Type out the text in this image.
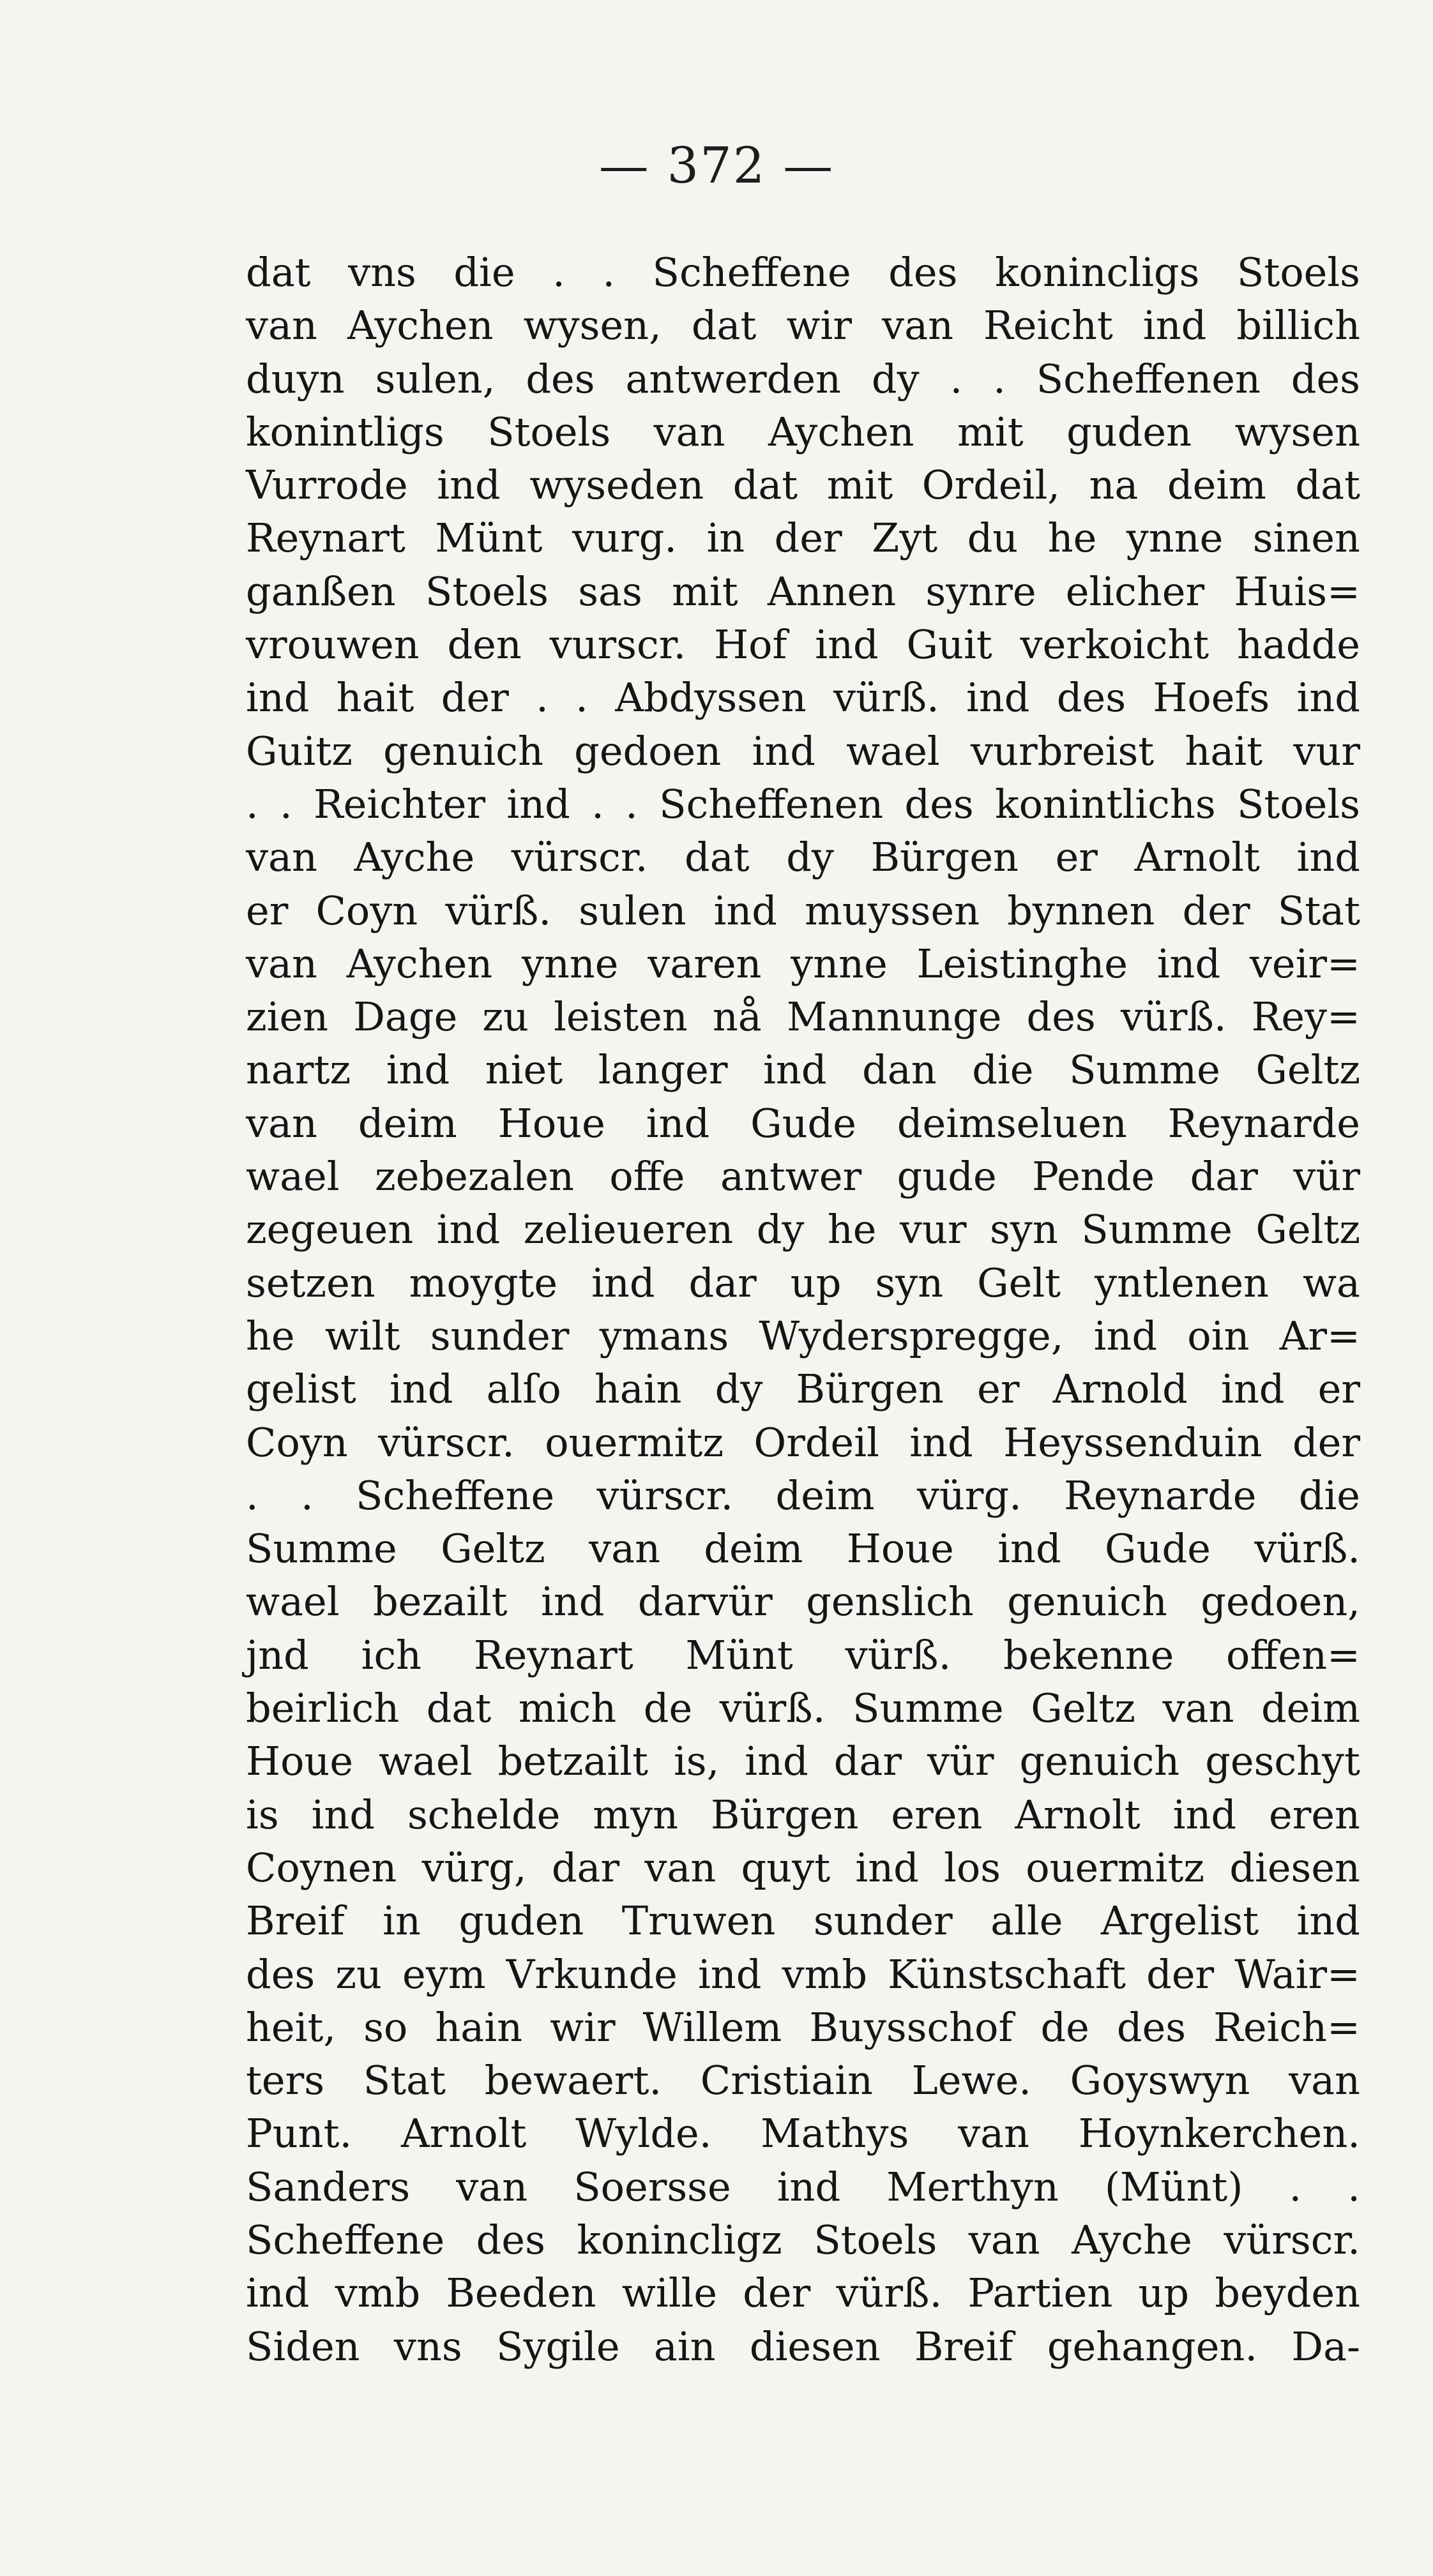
— 372 —
dat vns die . . Scheffene des konincligs Stoels
van Aychen wysen, dat wir van Reicht ind billich
duyn sulen, des antwerden dy . . Scheffenen des
konintligs Stoels van Aychen mit guden wysen
Vurrode ind wyseden dat mit Ordeil, na deim dat
Reynart Münt vurg. in der Zyt du he ynne sinen
ganßen Stoels sas mit Annen synre elicher Huis=
vrouwen den vurscr. Hof ind Guit verkoicht hadde
ind hait der . . Abdyssen vürß. ind des Hoefs ind
Guitz genuich gedoen ind wael vurbreist hait vur
. . Reichter ind . . Scheffenen des konintlichs Stoels
van Ayche vürscr. dat dy Bürgen er Arnolt ind
er Coyn vürß. sulen ind muyssen bynnen der Stat
van Aychen ynne varen ynne Leistinghe ind veir=
zien Dage zu leisten nå Mannunge des vürß. Rey=
nartz ind niet langer ind dan die Summe Geltz
van deim Houe ind Gude deimseluen Reynarde
wael zebezalen offe antwer gude Pende dar vür
zegeuen ind zelieueren dy he vur syn Summe Geltz
setzen moygte ind dar up syn Gelt yntlenen wa
he wilt sunder ymans Wyderspregge, ind oin Ar=
gelist ind alſo hain dy Bürgen er Arnold ind er
Coyn vürscr. ouermitz Ordeil ind Heyssenduin der
. . Scheffene vürscr. deim vürg. Reynarde die
Summe Geltz van deim Houe ind Gude vürß.
wael bezailt ind darvür genslich genuich gedoen,
jnd ich Reynart Münt vürß. bekenne offen=
beirlich dat mich de vürß. Summe Geltz van deim
Houe wael betzailt is, ind dar vür genuich geschyt
is ind schelde myn Bürgen eren Arnolt ind eren
Coynen vürg, dar van quyt ind los ouermitz diesen
Breif in guden Truwen sunder alle Argelist ind
des zu eym Vrkunde ind vmb Künstschaft der Wair=
heit, so hain wir Willem Buysschof de des Reich=
ters Stat bewaert. Cristiain Lewe. Goyswyn van
Punt. Arnolt Wylde. Mathys van Hoynkerchen.
Sanders van Soersse ind Merthyn (Münt) . .
Scheffene des konincligz Stoels van Ayche vürscr.
ind vmb Beeden wille der vürß. Partien up beyden
Siden vns Sygile ain diesen Breif gehangen. Da-
